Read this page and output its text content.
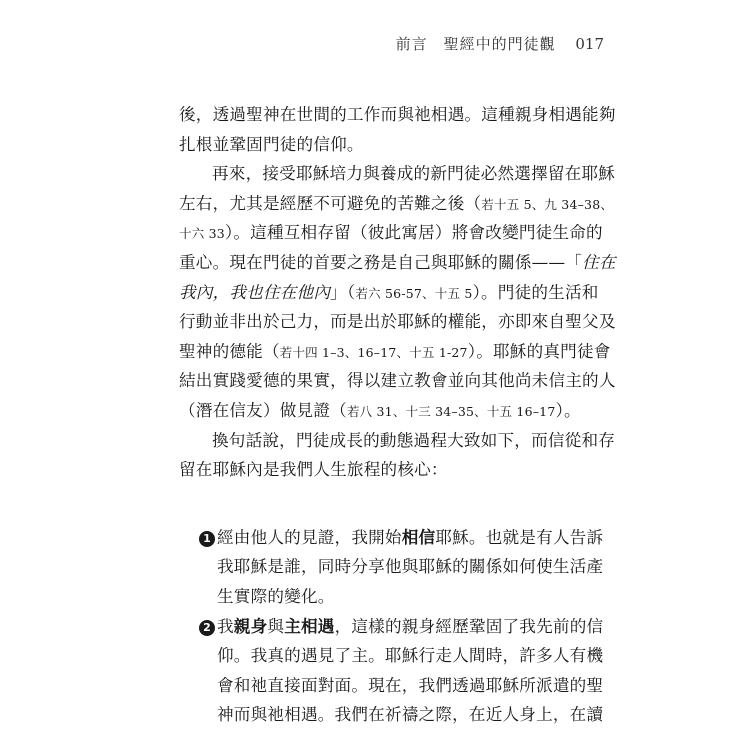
前言　聖經中的門徒觀 017
後，透過聖神在世間的工作而與祂相遇。這種親身相遇能夠
扎根並鞏固門徒的信仰。
再來，接受耶穌培力與養成的新門徒必然選擇留在耶穌
左右，尤其是經歷不可避免的苦難之後（若十五 5、九 34–38、
十六 33）。這種互相存留（彼此寓居）將會改變門徒生命的
重心。現在門徒的首要之務是自己與耶穌的關係——「住在
我內，我也住在他內」（若六 56-57、十五 5）。門徒的生活和
行動並非出於己力，而是出於耶穌的權能，亦即來自聖父及
聖神的德能（若十四 1–3、16–17、十五 1-27）。耶穌的真門徒會
結出實踐愛德的果實，得以建立教會並向其他尚未信主的人
（潛在信友）做見證（若八 31、十三 34–35、十五 16–17）。
換句話說，門徒成長的動態過程大致如下，而信從和存
留在耶穌內是我們人生旅程的核心：
1 經由他人的見證，我開始相信耶穌。也就是有人告訴
我耶穌是誰，同時分享他與耶穌的關係如何使生活產
生實際的變化。
2 我親身與主相遇，這樣的親身經歷鞏固了我先前的信
仰。我真的遇見了主。耶穌行走人間時，許多人有機
會和祂直接面對面。現在，我們透過耶穌所派遣的聖
神而與祂相遇。我們在祈禱之際，在近人身上，在讀
